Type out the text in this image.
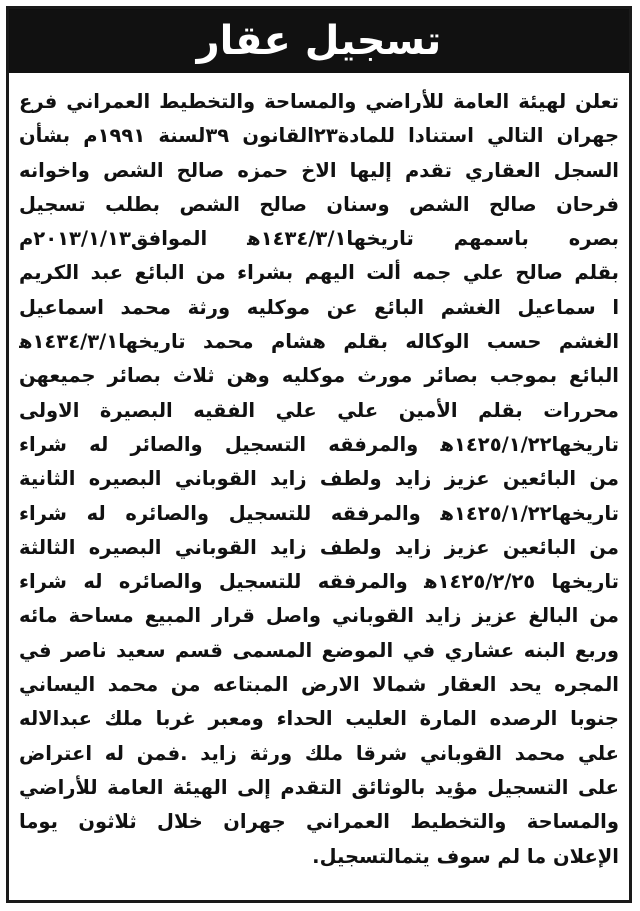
تسجيل عقار
تعلن لهيئة العامة للأراضي والمساحة والتخطيط العمراني فرع
جهران التالي استنادا للمادة٢٣القانون ٣٩لسنة ١٩٩١م بشأن
السجل العقاري تقدم إليها الاخ حمزه صالح الشص واخوانه
فرحان صالح الشص وسنان صالح الشص بطلب تسجيل
بصره باسمهم تاريخها١٤٣٤/٣/١ﻫ الموافق٢٠١٣/١/١٣م
بقلم صالح علي جمه ألت اليهم بشراء من البائع عبد الكريم
ا سماعيل الغشم البائع عن موكليه ورثة محمد اسماعيل
الغشم حسب الوكاله بقلم هشام محمد تاريخها١٤٣٤/٣/١ﻫ
البائع بموجب بصائر مورث موكليه وهن ثلاث بصائر جميعهن
محررات بقلم الأمين علي علي الفقيه البصيرة الاولى
تاريخها١٤٢٥/١/٢٢ﻫ والمرفقه التسجيل والصائر له شراء
من البائعين عزيز زايد ولطف زايد القوباني البصيره الثانية
تاريخها١٤٢٥/١/٢٢ﻫ والمرفقه للتسجيل والصائره له شراء
من البائعين عزيز زايد ولطف زايد القوباني البصيره الثالثة
تاريخها ١٤٢٥/٢/٢٥ﻫ والمرفقه للتسجيل والصائره له شراء
من البالغ عزيز زايد القوباني واصل قرار المبيع مساحة مائه
وربع البنه عشاري في الموضع المسمى قسم سعيد ناصر في
المجره يحد العقار شمالا الارض المبتاعه من محمد اليساني
جنوبا الرصده المارة العليب الحداء ومعبر غربا ملك عبدالاله
علي محمد القوباني شرقا ملك ورثة زايد .فمن له اعتراض
على التسجيل مؤيد بالوثائق التقدم إلى الهيئة العامة للأراضي
والمساحة والتخطيط العمراني جهران خلال ثلاثون يوما
الإعلان ما لم سوف يتمالتسجيل.
